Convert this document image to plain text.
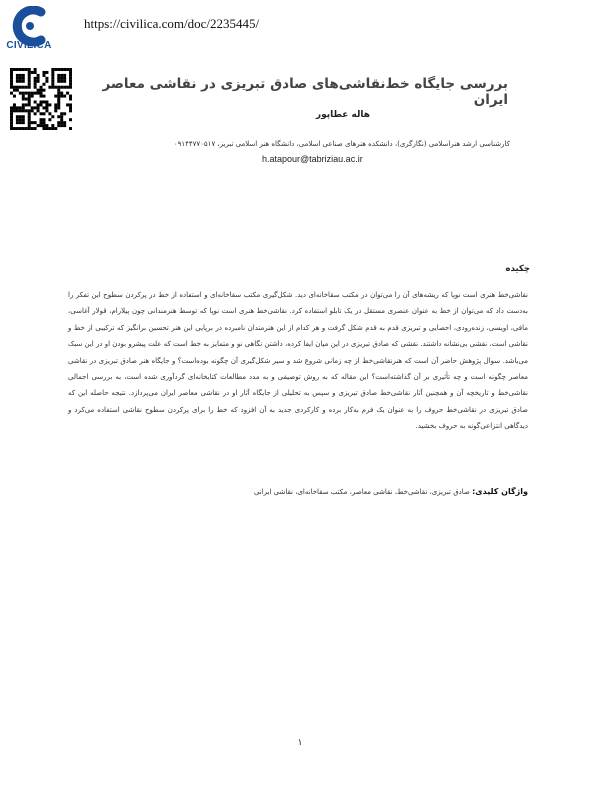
CIVILICA
https://civilica.com/doc/2235445/
بررسی جایگاه خط‌نقاشی‌های صادق تبریزی در نقاشی معاصر ایران
هاله عطاپور
کارشناسی ارشد هنراسلامی (نگارگری)، دانشکده هنرهای صناعی اسلامی، دانشگاه هنر اسلامی تبریز، ۰۹۱۴۴۷۷۰۵۱۷
h.atapour@tabriziau.ac.ir
چکیده
نقاشی‌خط هنری است نوپا که ریشه‌های آن را می‌توان در مکتب سقاخانه‌ای دید. شکل‌گیری مکتب سقاخانه‌ای و استفاده از خط در پرکردن سطوح این تفکر را به‌دست داد که می‌توان از خط به عنوان عنصری مستقل در یک تابلو استفاده کرد. نقاشی‌خط هنری است نوپا که توسط هنرمندانی چون پیلارام، قولار آغاسی، مافی، اویسی، زنده‌رودی، احصایی و تبریزی قدم به قدم شکل گرفت و هر کدام از این هنرمندان نامبرده در برپایی این هنر تحسین برانگیز که ترکیبی از خط و نقاشی است، نقشی بی‌نشانه داشتند. نقشی که صادق تبریزی در این میان ایفا کرده، داشتن نگاهی نو و متمایز به خط است که علت پیشرو بودن او در این سبک می‌باشد. سوال پژوهش حاضر آن است که هنرنقاشی‌خط از چه زمانی شروع شد و سیر شکل‌گیری آن چگونه بوده‌است؟ و جایگاه هنر صادق تبریزی در نقاشی معاصر چگونه است و چه تأثیری بر آن گذاشته‌است؟ این مقاله که به روش توصیفی و به مدد مطالعات کتابخانه‌ای گردآوری شده است، به بررسی اجمالی نقاشی‌خط و تاریخچه آن و همچنین آثار نقاشی‌خط صادق تبریزی و سپس به تحلیلی از جایگاه آثار او در نقاشی معاصر ایران می‌پردازد. نتیجه حاصله این که صادق تبریزی در نقاشی‌خط حروف را به عنوان یک فرم به‌کار برده و کارکردی جدید به آن افزود که خط را برای پرکردن سطوح نقاشی استفاده می‌کرد و دیدگاهی انتزاعی‌گونه به حروف بخشید.
واژگان کلیدی: صادق تبریزی، نقاشی‌خط، نقاشی معاصر، مکتب سقاخانه‌ای، نقاشی ایرانی
۱
